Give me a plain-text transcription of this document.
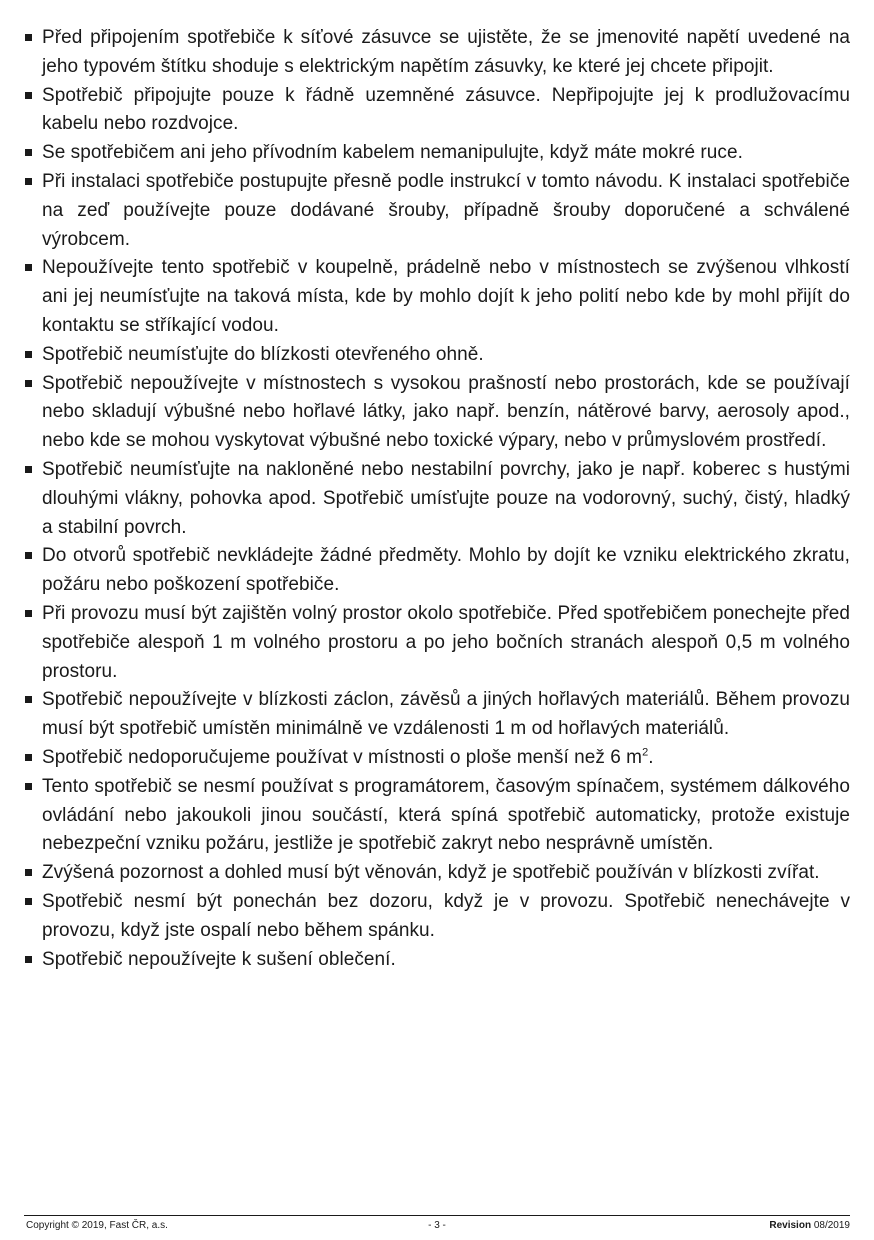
Před připojením spotřebiče k síťové zásuvce se ujistěte, že se jmenovité napětí uvedené na jeho typovém štítku shoduje s elektrickým napětím zásuvky, ke které jej chcete připojit.
Spotřebič připojujte pouze k řádně uzemněné zásuvce. Nepřipojujte jej k prodlužovacímu kabelu nebo rozdvojce.
Se spotřebičem ani jeho přívodním kabelem nemanipulujte, když máte mokré ruce.
Při instalaci spotřebiče postupujte přesně podle instrukcí v tomto návodu. K instalaci spotřebiče na zeď používejte pouze dodávané šrouby, případně šrouby doporučené a schválené výrobcem.
Nepoužívejte tento spotřebič v koupelně, prádelně nebo v místnostech se zvýšenou vlhkostí ani jej neumísťujte na taková místa, kde by mohlo dojít k jeho polití nebo kde by mohl přijít do kontaktu se stříkající vodou.
Spotřebič neumísťujte do blízkosti otevřeného ohně.
Spotřebič nepoužívejte v místnostech s vysokou prašností nebo prostorách, kde se používají nebo skladují výbušné nebo hořlavé látky, jako např. benzín, nátěrové barvy, aerosoly apod., nebo kde se mohou vyskytovat výbušné nebo toxické výpary, nebo v průmyslovém prostředí.
Spotřebič neumísťujte na nakloněné nebo nestabilní povrchy, jako je např. koberec s hustými dlouhými vlákny, pohovka apod. Spotřebič umísťujte pouze na vodorovný, suchý, čistý, hladký a stabilní povrch.
Do otvorů spotřebič nevkládejte žádné předměty. Mohlo by dojít ke vzniku elektrického zkratu, požáru nebo poškození spotřebiče.
Při provozu musí být zajištěn volný prostor okolo spotřebiče. Před spotřebičem ponechejte před spotřebiče alespoň 1 m volného prostoru a po jeho bočních stranách alespoň 0,5 m volného prostoru.
Spotřebič nepoužívejte v blízkosti záclon, závěsů a jiných hořlavých materiálů. Během provozu musí být spotřebič umístěn minimálně ve vzdálenosti 1 m od hořlavých materiálů.
Spotřebič nedoporučujeme používat v místnosti o ploše menší než 6 $m^2$.
Tento spotřebič se nesmí používat s programátorem, časovým spínačem, systémem dálkového ovládání nebo jakoukoli jinou součástí, která spíná spotřebič automaticky, protože existuje nebezpeční vzniku požáru, jestliže je spotřebič zakryt nebo nesprávně umístěn.
Zvýšená pozornost a dohled musí být věnován, když je spotřebič používán v blízkosti zvířat.
Spotřebič nesmí být ponechán bez dozoru, když je v provozu. Spotřebič nenechávejte v provozu, když jste ospalí nebo během spánku.
Spotřebič nepoužívejte k sušení oblečení.
Copyright © 2019, Fast ČR, a.s.	- 3 -	Revision 08/2019
